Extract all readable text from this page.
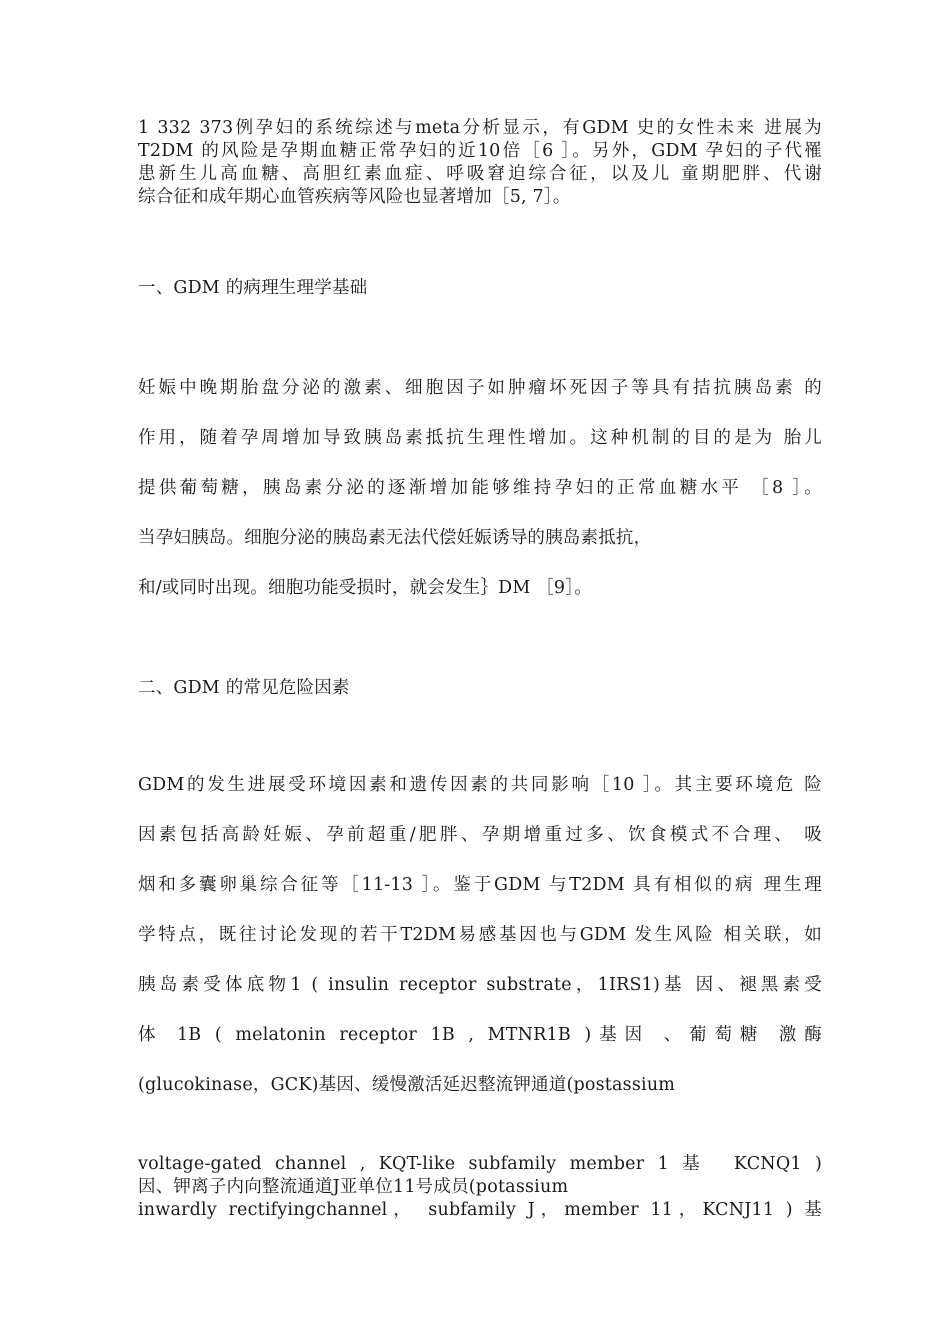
1 332 373例孕妇的系统综述与meta分析显示，有GDM 史的女性未来 进展为
T2DM 的风险是孕期血糖正常孕妇的近10倍［6 ］。另外，GDM 孕妇的子代罹
患新生儿高血糖、高胆红素血症、呼吸窘迫综合征，以及儿 童期肥胖、代谢
综合征和成年期心血管疾病等风险也显著增加［5, 7］。
一、GDM 的病理生理学基础
妊娠中晚期胎盘分泌的激素、细胞因子如肿瘤坏死因子等具有拮抗胰岛素 的
作用，随着孕周增加导致胰岛素抵抗生理性增加。这种机制的目的是为 胎儿
提供葡萄糖，胰岛素分泌的逐渐增加能够维持孕妇的正常血糖水平 ［8 ］。
当孕妇胰岛。细胞分泌的胰岛素无法代偿妊娠诱导的胰岛素抵抗，
和/或同时出现。细胞功能受损时，就会发生｝DM ［9］。
二、GDM 的常见危险因素
GDM的发生进展受环境因素和遗传因素的共同影响［10 ］。其主要环境危 险
因素包括高龄妊娠、孕前超重/肥胖、孕期增重过多、饮食模式不合理、 吸
烟和多囊卵巢综合征等［11-13 ］。鉴于GDM 与T2DM 具有相似的病 理生理
学特点，既往讨论发现的若干T2DM易感基因也与GDM 发生风险 相关联，如
胰岛素受体底物1 ( insulin receptor substrate，1IRS1)基 因、褪黑素受
体 1B ( melatonin receptor 1B , MTNR1B )基因 、葡萄糖 激酶
(glucokinase，GCK)基因、缓慢激活延迟整流钾通道(postassium
voltage-gated channel , KQT-like subfamily member 1 基  KCNQ1 )
因、钾离子内向整流通道J亚单位11号成员(potassium
inwardly rectifyingchannel， subfamily J，member 11，KCNJ11 ) 基
